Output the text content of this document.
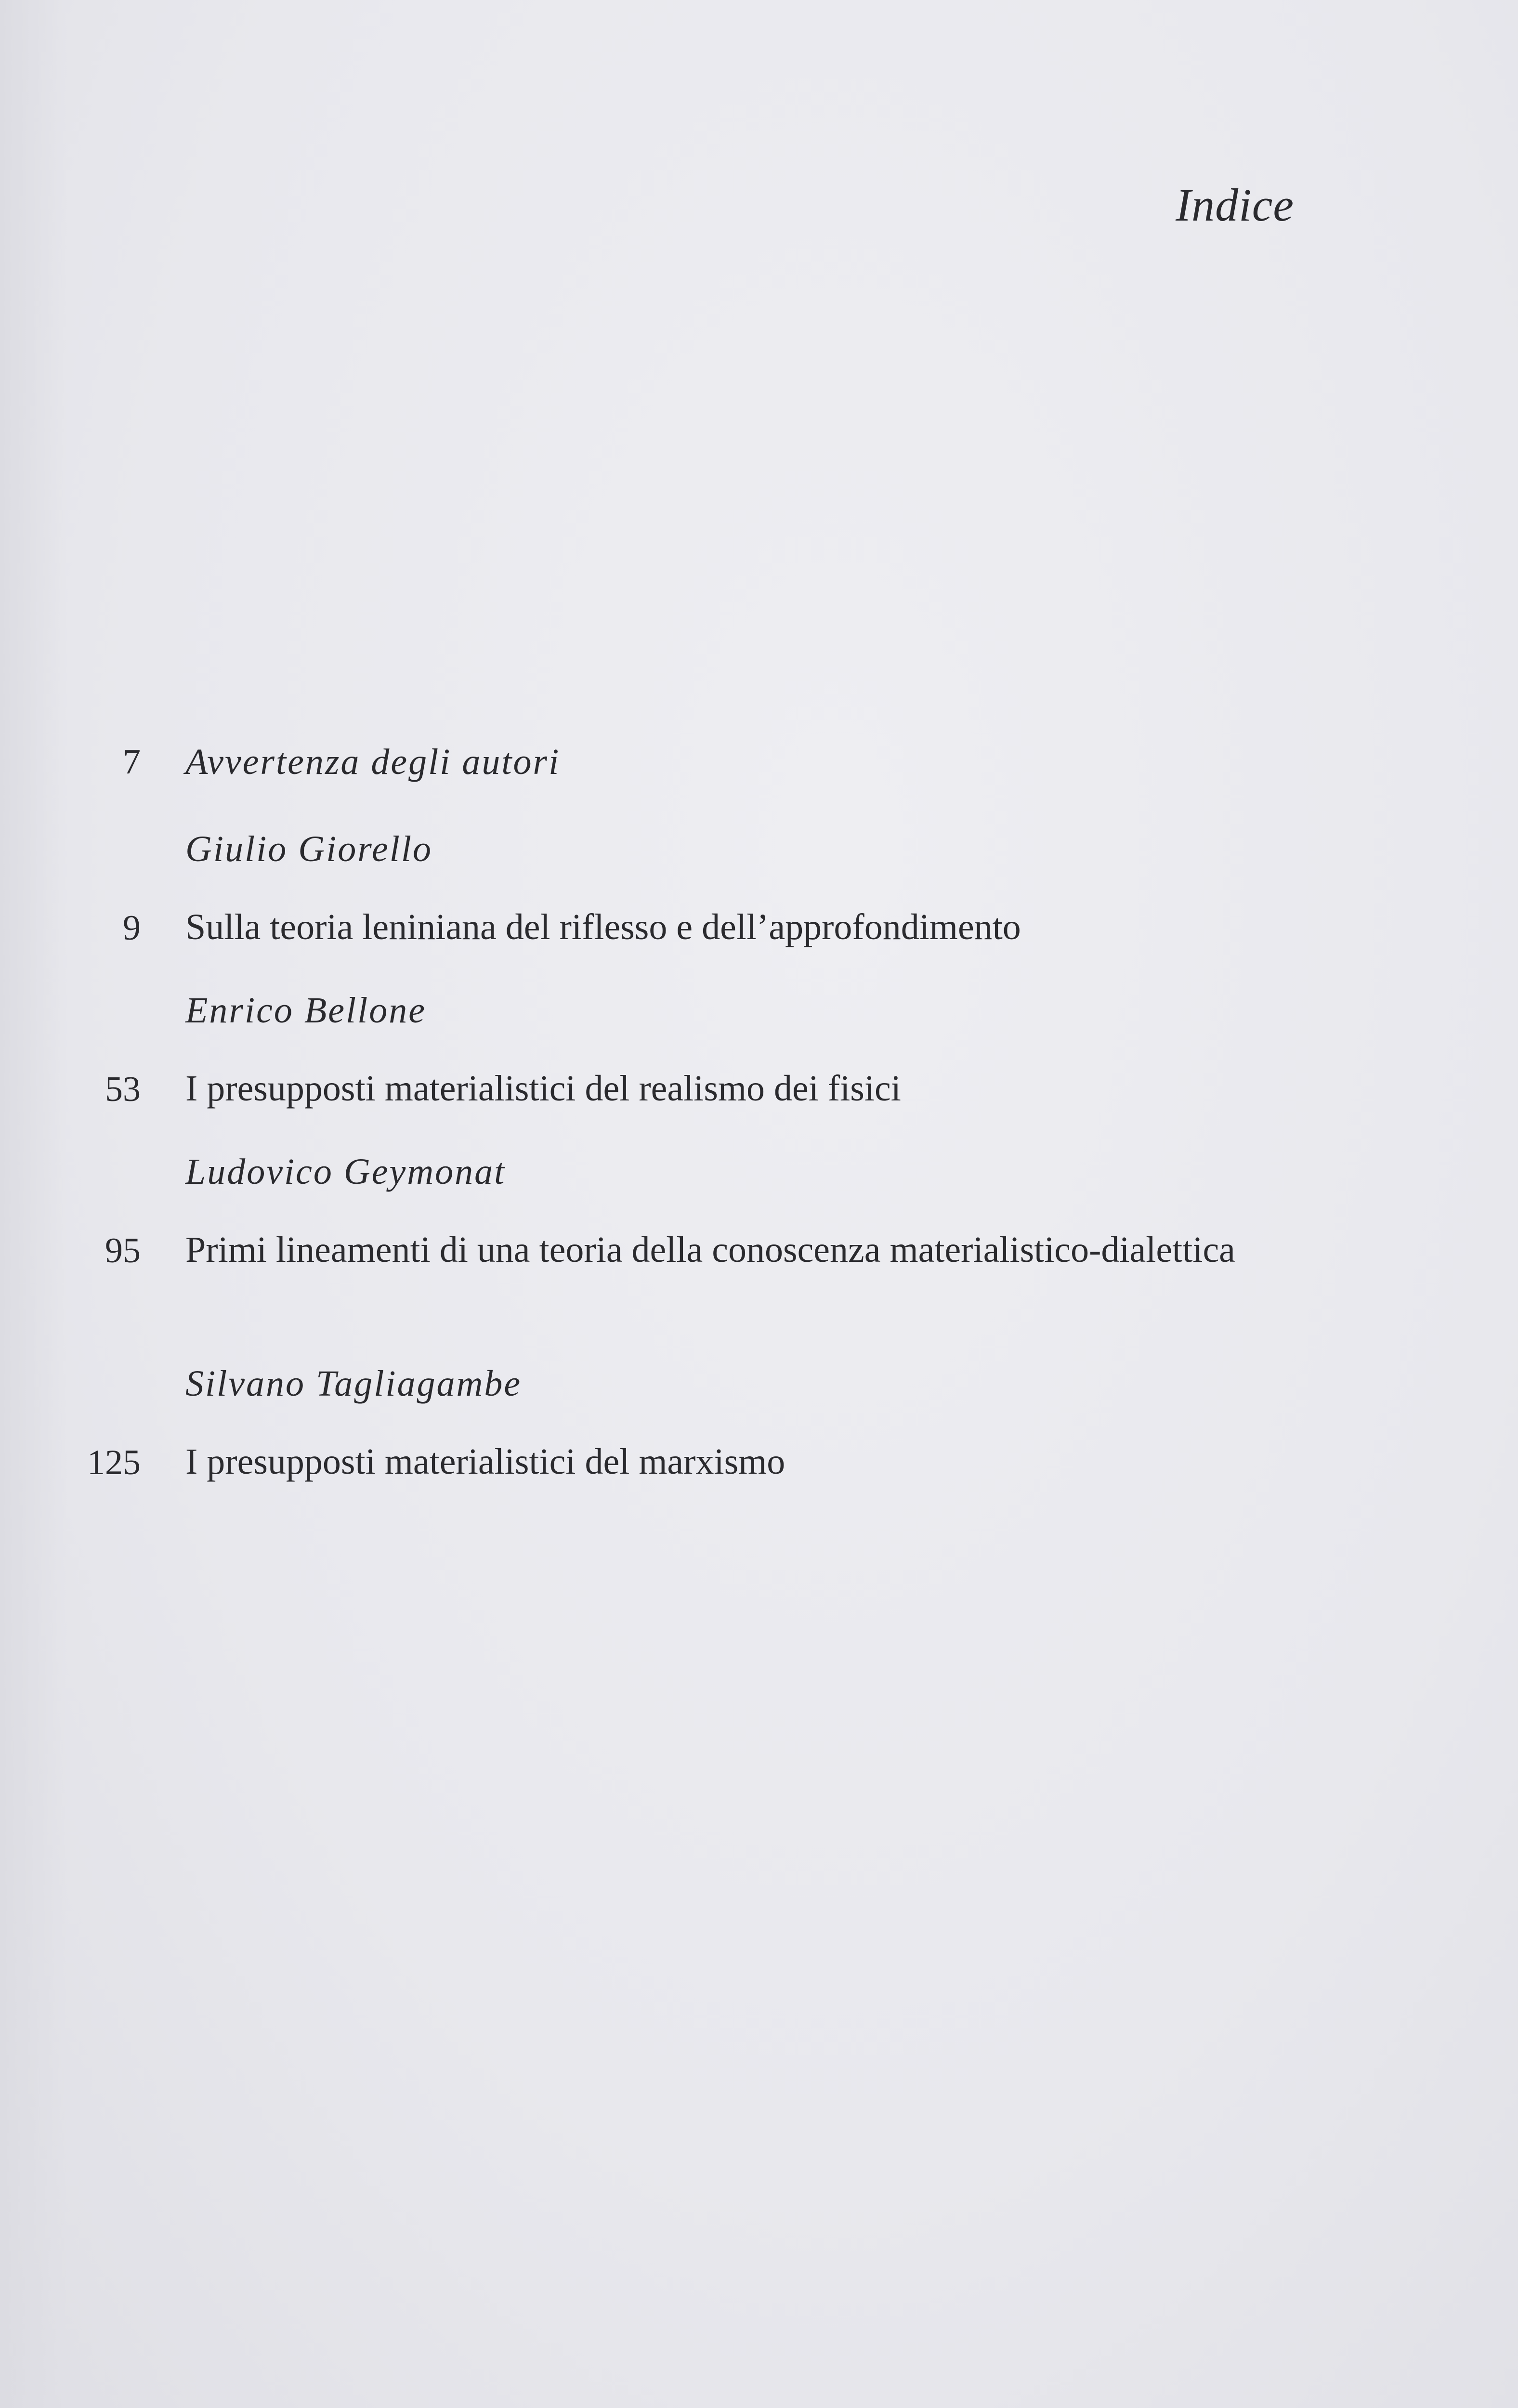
Indice
7 Avvertenza degli autori
Giulio Giorello
9 Sulla teoria leniniana del riflesso e dell’approfondimento
Enrico Bellone
53 I presupposti materialistici del realismo dei fisici
Ludovico Geymonat
95 Primi lineamenti di una teoria della conoscenza materialistico-dialettica
Silvano Tagliagambe
125 I presupposti materialistici del marxismo
